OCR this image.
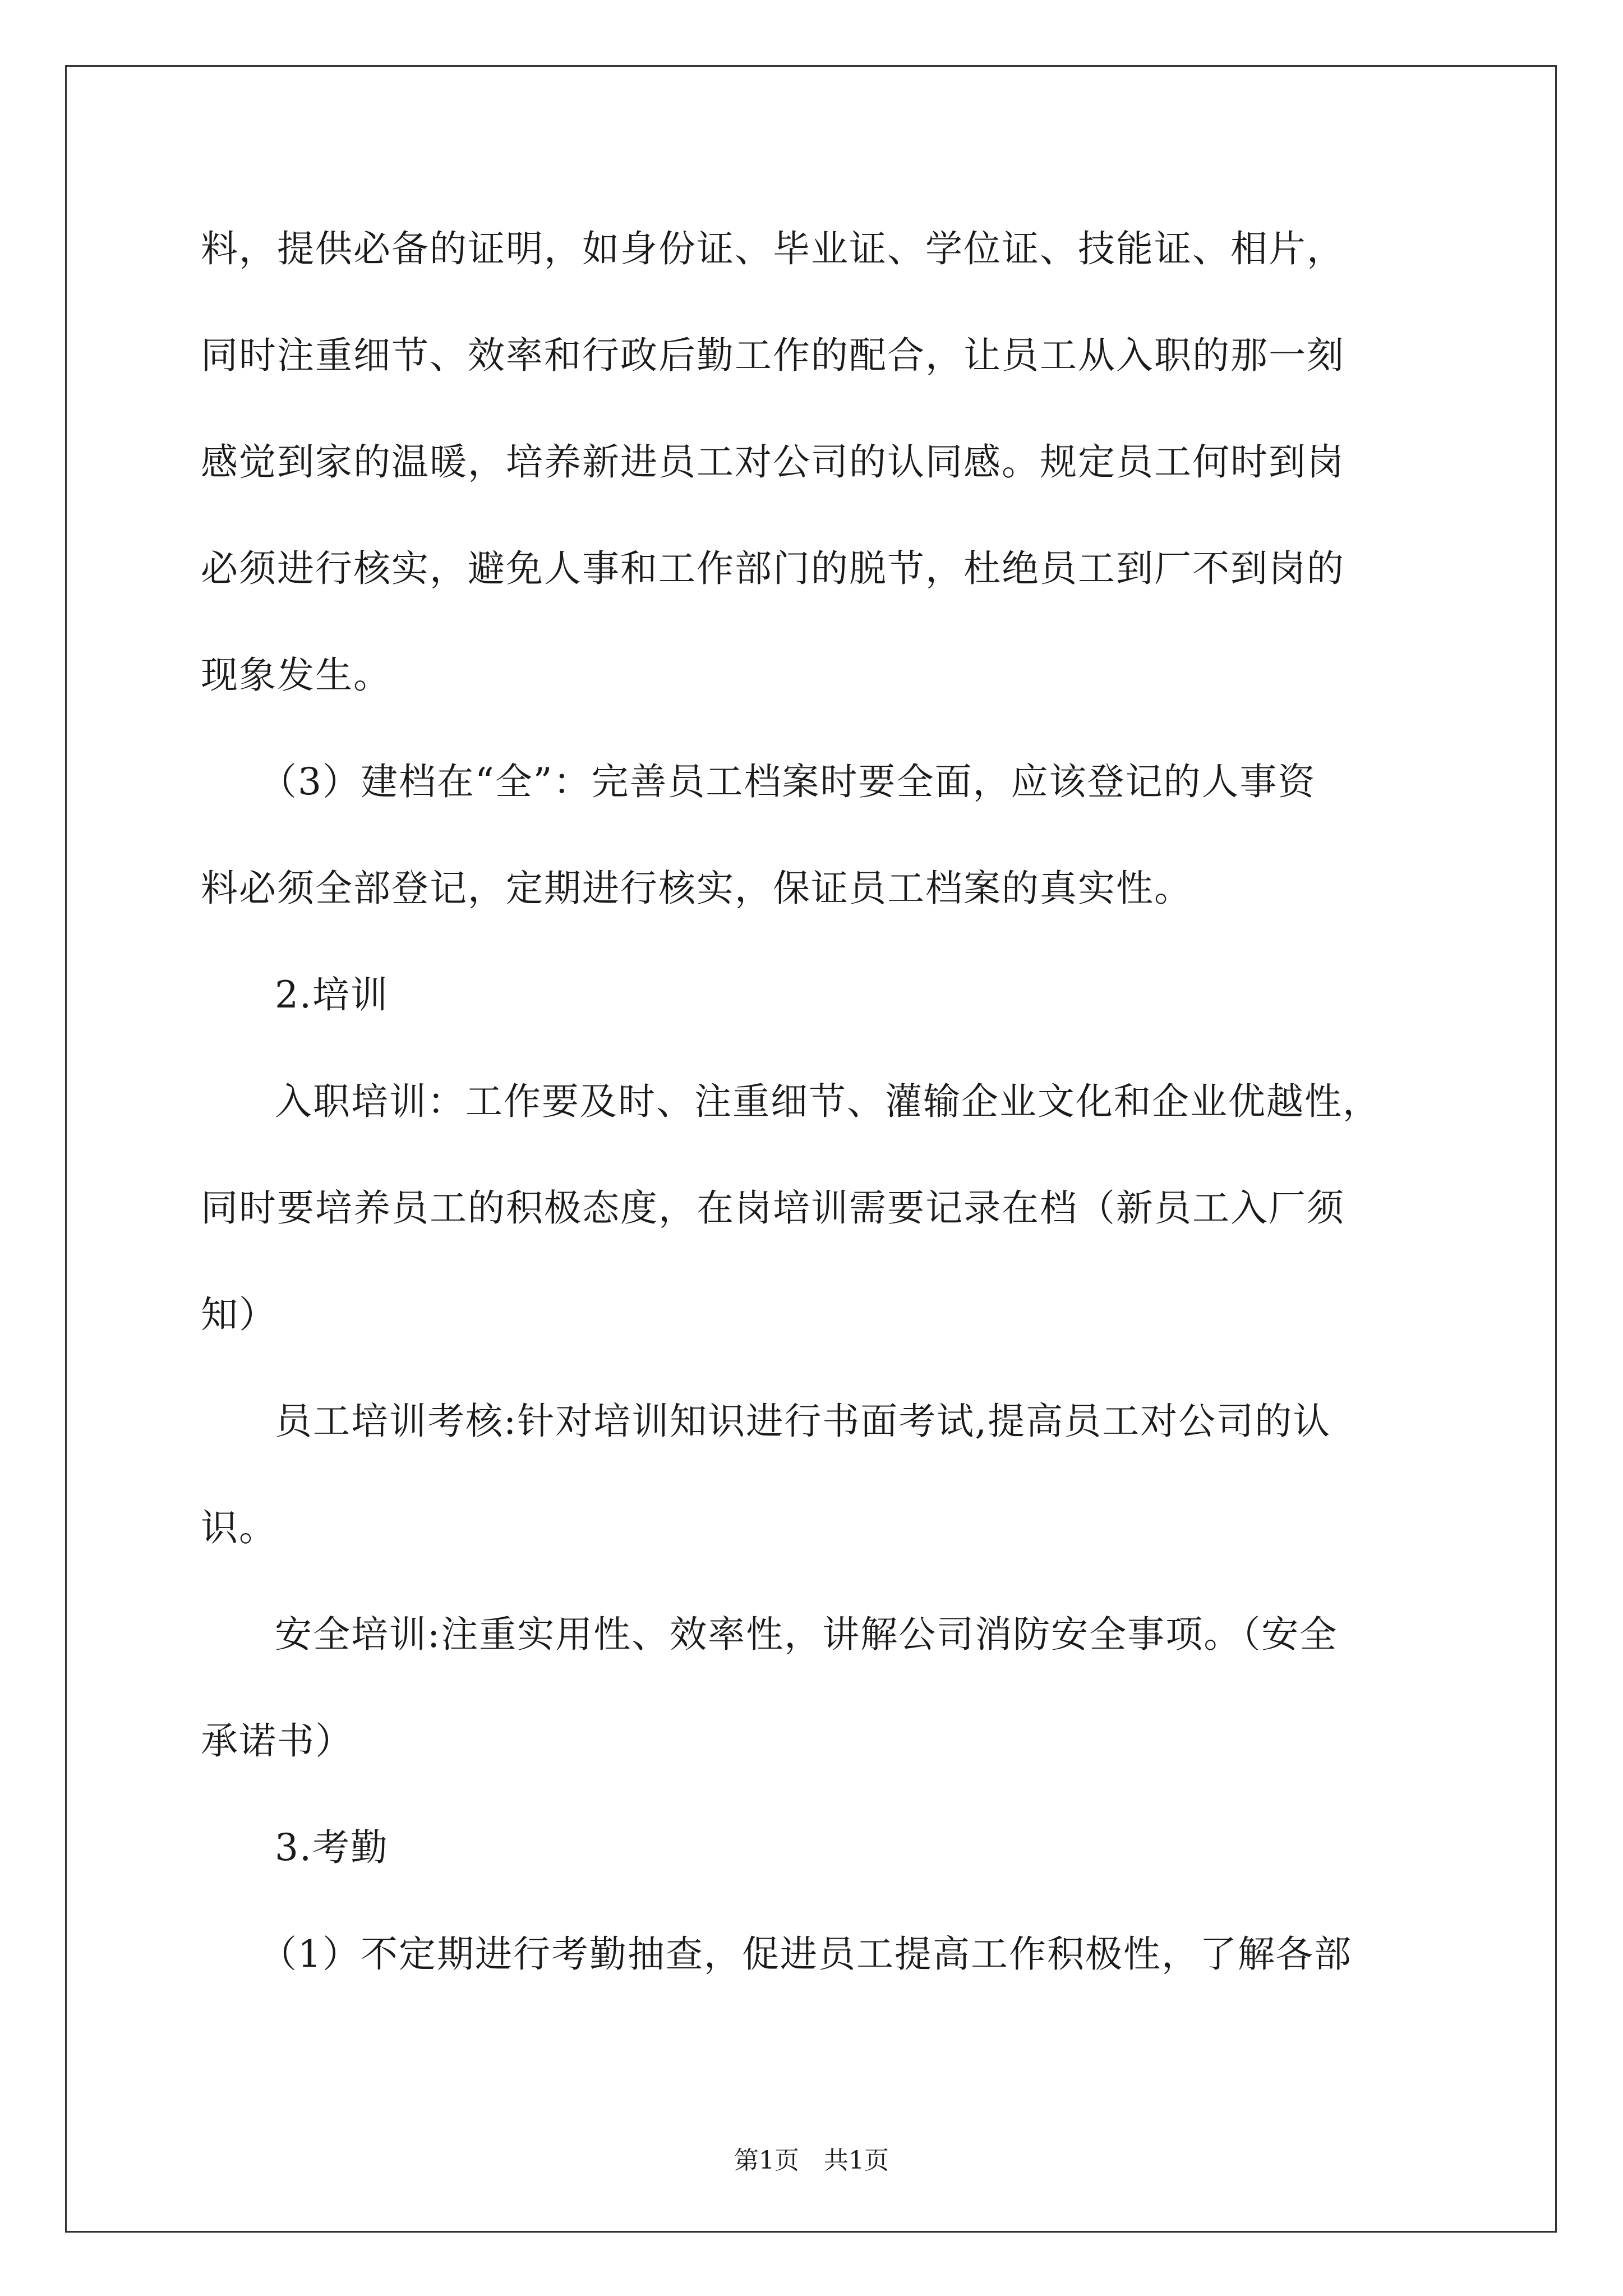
料，提供必备的证明，如身份证、毕业证、学位证、技能证、相片，
同时注重细节、效率和行政后勤工作的配合，让员工从入职的那一刻
感觉到家的温暖，培养新进员工对公司的认同感。规定员工何时到岗
必须进行核实，避免人事和工作部门的脱节，杜绝员工到厂不到岗的
现象发生。
（3）建档在“全”：完善员工档案时要全面，应该登记的人事资
料必须全部登记，定期进行核实，保证员工档案的真实性。
2.培训
入职培训：工作要及时、注重细节、灌输企业文化和企业优越性，
同时要培养员工的积极态度，在岗培训需要记录在档（新员工入厂须
知）
员工培训考核:针对培训知识进行书面考试,提高员工对公司的认
识。
安全培训:注重实用性、效率性，讲解公司消防安全事项。（安全
承诺书）
3.考勤
（1）不定期进行考勤抽查，促进员工提高工作积极性，了解各部
第1页　共1页
